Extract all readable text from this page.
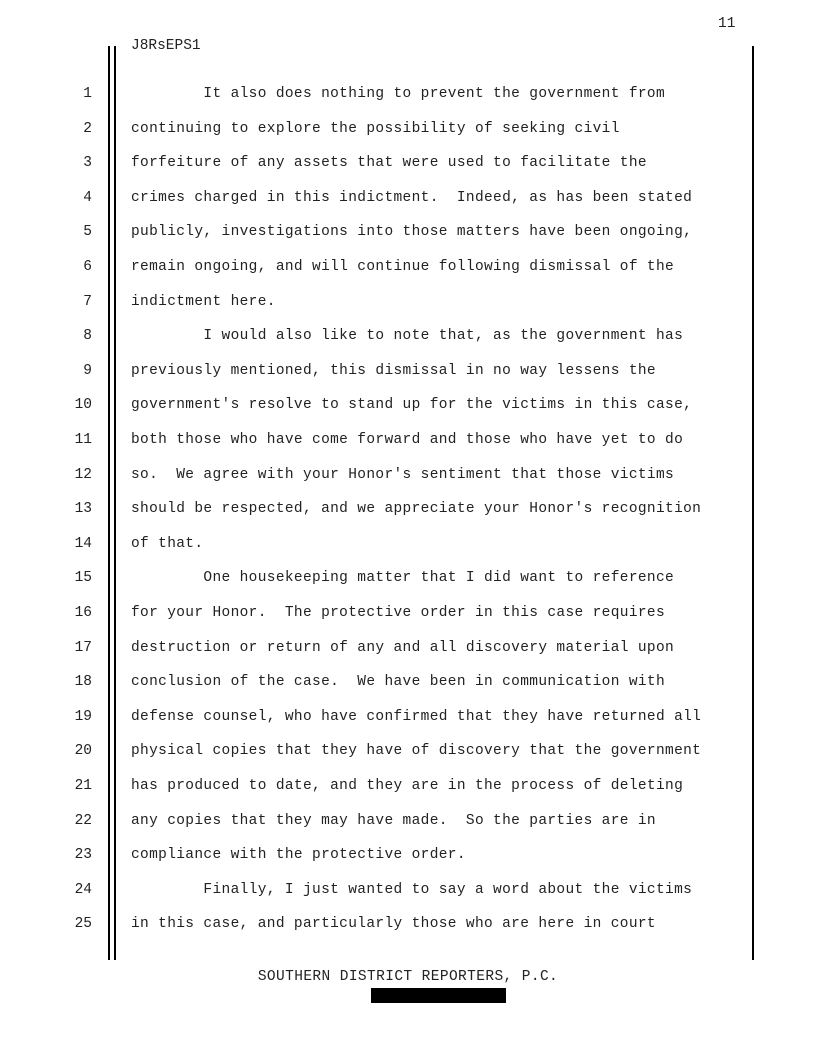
11
J8RsEPS1
1	It also does nothing to prevent the government from
2	continuing to explore the possibility of seeking civil
3	forfeiture of any assets that were used to facilitate the
4	crimes charged in this indictment.  Indeed, as has been stated
5	publicly, investigations into those matters have been ongoing,
6	remain ongoing, and will continue following dismissal of the
7	indictment here.
8	I would also like to note that, as the government has
9	previously mentioned, this dismissal in no way lessens the
10	government's resolve to stand up for the victims in this case,
11	both those who have come forward and those who have yet to do
12	so.  We agree with your Honor's sentiment that those victims
13	should be respected, and we appreciate your Honor's recognition
14	of that.
15	One housekeeping matter that I did want to reference
16	for your Honor.  The protective order in this case requires
17	destruction or return of any and all discovery material upon
18	conclusion of the case.  We have been in communication with
19	defense counsel, who have confirmed that they have returned all
20	physical copies that they have of discovery that the government
21	has produced to date, and they are in the process of deleting
22	any copies that they may have made.  So the parties are in
23	compliance with the protective order.
24	Finally, I just wanted to say a word about the victims
25	in this case, and particularly those who are here in court
SOUTHERN DISTRICT REPORTERS, P.C.
